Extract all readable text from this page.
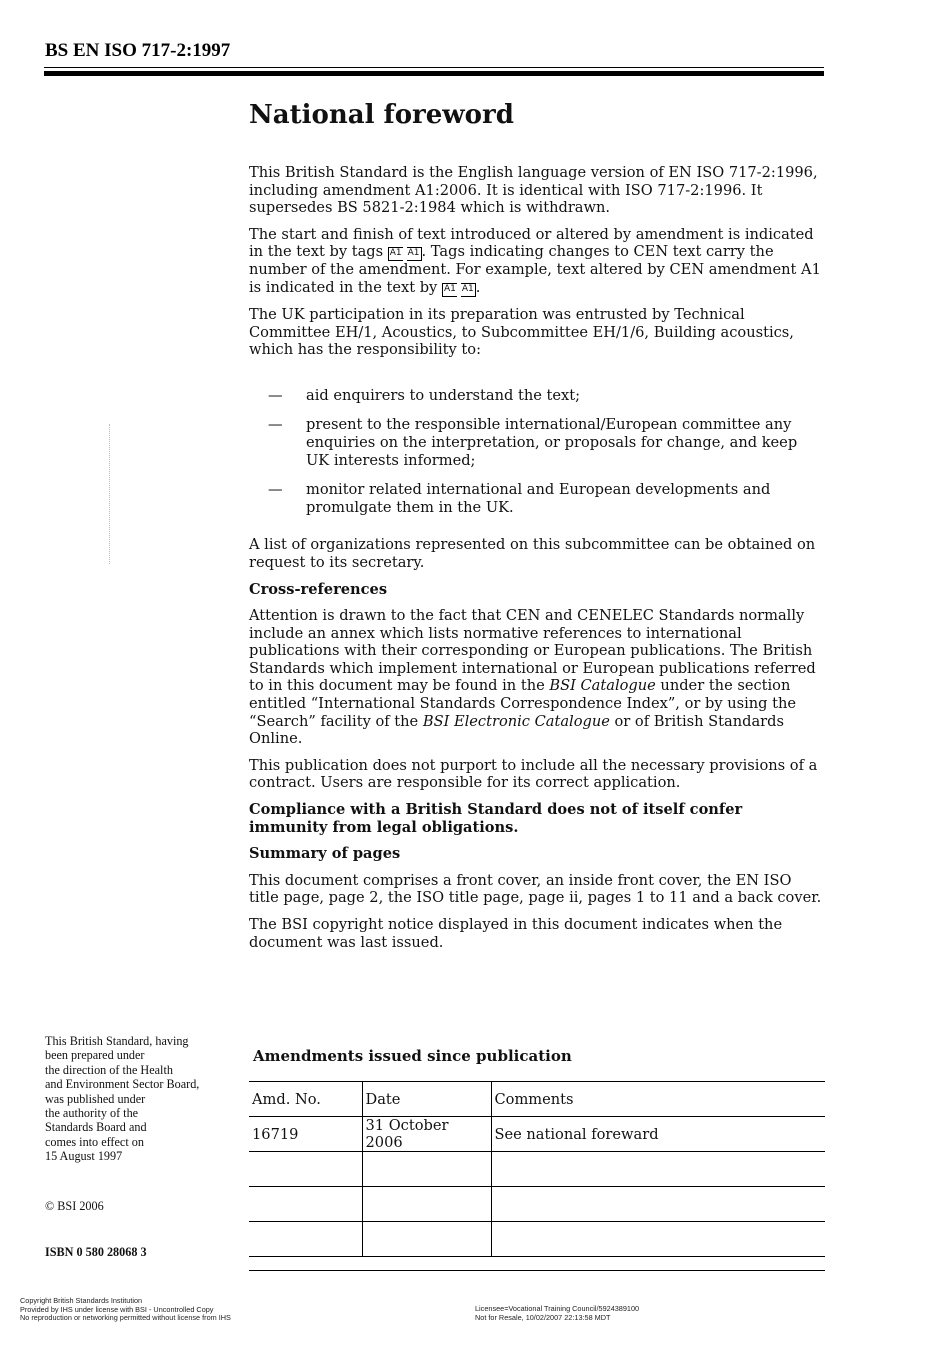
BS EN ISO 717-2:1997
National foreword

This British Standard is the English language version of EN ISO 717-2:1996, including amendment A1:2006. It is identical with ISO 717-2:1996. It supersedes BS 5821-2:1984 which is withdrawn.

The start and finish of text introduced or altered by amendment is indicated in the text by tags A1 A1 . Tags indicating changes to CEN text carry the number of the amendment. For example, text altered by CEN amendment A1 is indicated in the text by A1 A1 .

The UK participation in its preparation was entrusted by Technical Committee EH/1, Acoustics, to Subcommittee EH/1/6, Building acoustics, which has the responsibility to:

— aid enquirers to understand the text;
— present to the responsible international/European committee any enquiries on the interpretation, or proposals for change, and keep UK interests informed;
— monitor related international and European developments and promulgate them in the UK.

A list of organizations represented on this subcommittee can be obtained on request to its secretary.

Cross-references

Attention is drawn to the fact that CEN and CENELEC Standards normally include an annex which lists normative references to international publications with their corresponding or European publications. The British Standards which implement international or European publications referred to in this document may be found in the BSI Catalogue under the section entitled “International Standards Correspondence Index”, or by using the “Search” facility of the BSI Electronic Catalogue or of British Standards Online.

This publication does not purport to include all the necessary provisions of a contract. Users are responsible for its correct application.

Compliance with a British Standard does not of itself confer immunity from legal obligations.

Summary of pages

This document comprises a front cover, an inside front cover, the EN ISO title page, page 2, the ISO title page, page ii, pages 1 to 11 and a back cover.

The BSI copyright notice displayed in this document indicates when the document was last issued.

This British Standard, having
been prepared under
the direction of the Health
and Environment Sector Board,
was published under
the authority of the
Standards Board and
comes into effect on
15 August 1997
© BSI 2006
ISBN 0 580 28068 3
Amendments issued since publication
Amd. No.	Date	Comments
16719	31 October 2006	See national foreward

Copyright British Standards Institution
Provided by IHS under license with BSI - Uncontrolled Copy
No reproduction or networking permitted without license from IHS
Licensee=Vocational Training Council/5924389100
Not for Resale, 10/02/2007 22:13:58 MDT
